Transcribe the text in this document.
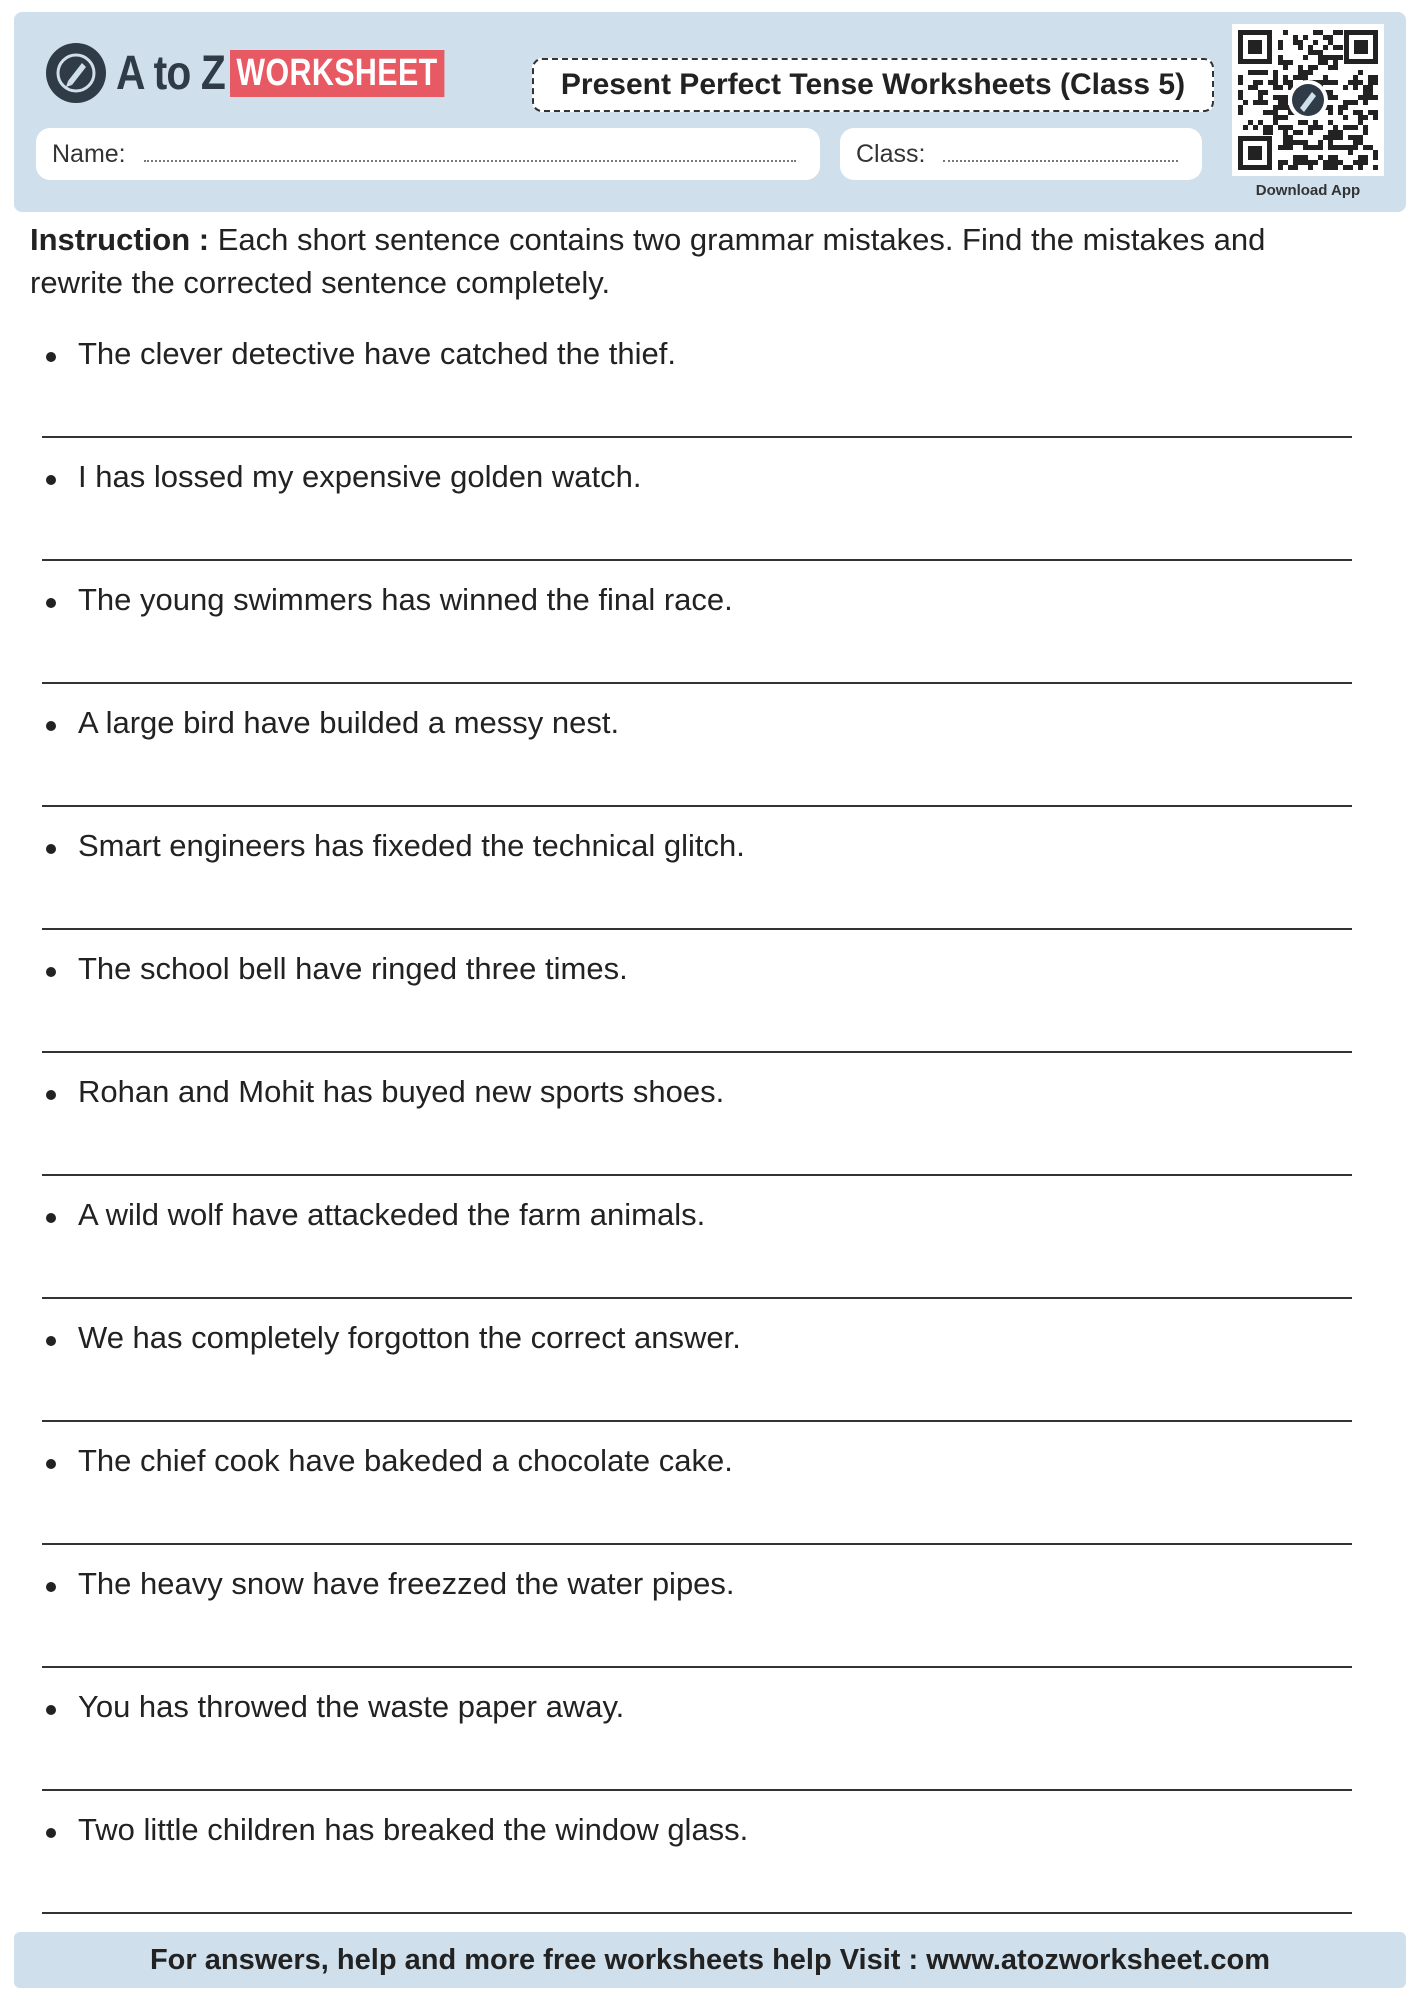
A to Z WORKSHEET	Present Perfect Tense Worksheets (Class 5)
Name:	Class:
Download App
Instruction : Each short sentence contains two grammar mistakes. Find the mistakes and rewrite the corrected sentence completely.
The clever detective have catched the thief.
I has lossed my expensive golden watch.
The young swimmers has winned the final race.
A large bird have builded a messy nest.
Smart engineers has fixeded the technical glitch.
The school bell have ringed three times.
Rohan and Mohit has buyed new sports shoes.
A wild wolf have attackeded the farm animals.
We has completely forgotton the correct answer.
The chief cook have bakeded a chocolate cake.
The heavy snow have freezzed the water pipes.
You has throwed the waste paper away.
Two little children has breaked the window glass.
For answers, help and more free worksheets help Visit : www.atozworksheet.com
